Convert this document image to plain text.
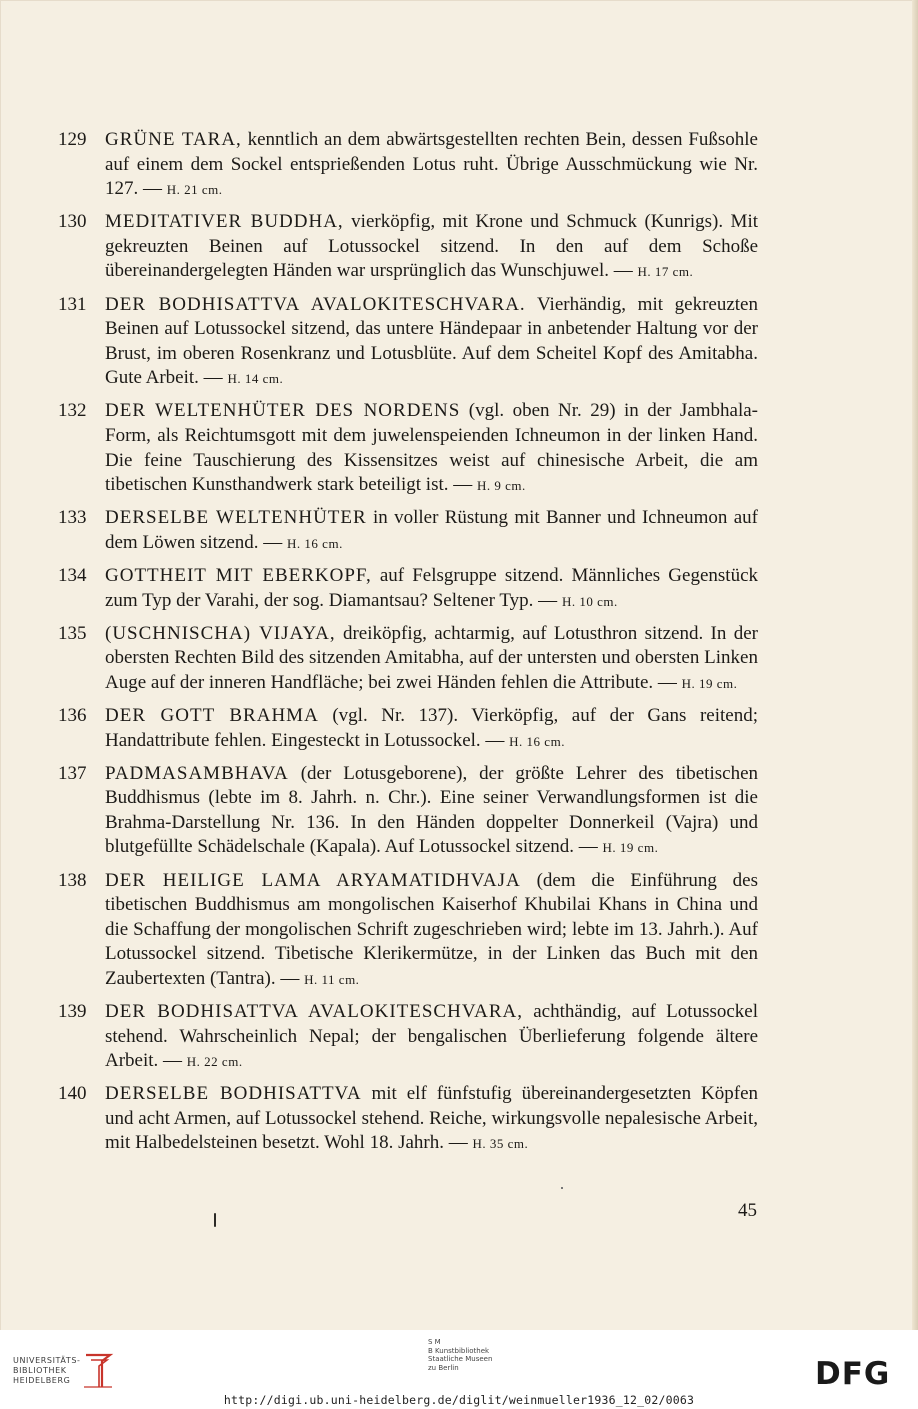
129 GRÜNE TARA, kenntlich an dem abwärtsgestellten rechten Bein, dessen Fußsohle auf einem dem Sockel entsprießenden Lotus ruht. Übrige Ausschmückung wie Nr. 127. — H. 21 cm.
130 MEDITATIVER BUDDHA, vierköpfig, mit Krone und Schmuck (Kunrigs). Mit gekreuzten Beinen auf Lotussockel sitzend. In den auf dem Schoße übereinandergelegten Händen war ursprünglich das Wunschjuwel. — H. 17 cm.
131 DER BODHISATTVA AVALOKITESCHVARA. Vierhändig, mit gekreuzten Beinen auf Lotussockel sitzend, das untere Händepaar in anbetender Haltung vor der Brust, im oberen Rosenkranz und Lotusblüte. Auf dem Scheitel Kopf des Amitabha. Gute Arbeit. — H. 14 cm.
132 DER WELTENHÜTER DES NORDENS (vgl. oben Nr. 29) in der Jambhala-Form, als Reichtumsgott mit dem juwelenspeienden Ichneumon in der linken Hand. Die feine Tauschierung des Kissensitzes weist auf chinesische Arbeit, die am tibetischen Kunsthandwerk stark beteiligt ist. — H. 9 cm.
133 DERSELBE WELTENHÜTER in voller Rüstung mit Banner und Ichneumon auf dem Löwen sitzend. — H. 16 cm.
134 GOTTHEIT MIT EBERKOPF, auf Felsgruppe sitzend. Männliches Gegenstück zum Typ der Varahi, der sog. Diamantsau? Seltener Typ. — H. 10 cm.
135 (USCHNISCHA) VIJAYA, dreiköpfig, achtarmig, auf Lotusthron sitzend. In der obersten Rechten Bild des sitzenden Amitabha, auf der untersten und obersten Linken Auge auf der inneren Handfläche; bei zwei Händen fehlen die Attribute. — H. 19 cm.
136 DER GOTT BRAHMA (vgl. Nr. 137). Vierköpfig, auf der Gans reitend; Handattribute fehlen. Eingesteckt in Lotussockel. — H. 16 cm.
137 PADMASAMBHAVA (der Lotusgeborene), der größte Lehrer des tibetischen Buddhismus (lebte im 8. Jahrh. n. Chr.). Eine seiner Verwandlungsformen ist die Brahma-Darstellung Nr. 136. In den Händen doppelter Donnerkeil (Vajra) und blutgefüllte Schädelschale (Kapala). Auf Lotussockel sitzend. — H. 19 cm.
138 DER HEILIGE LAMA ARYAMATIDHVAJA (dem die Einführung des tibetischen Buddhismus am mongolischen Kaiserhof Khubilai Khans in China und die Schaffung der mongolischen Schrift zugeschrieben wird; lebte im 13. Jahrh.). Auf Lotussockel sitzend. Tibetische Klerikermütze, in der Linken das Buch mit den Zaubertexten (Tantra). — H. 11 cm.
139 DER BODHISATTVA AVALOKITESCHVARA, achthändig, auf Lotussockel stehend. Wahrscheinlich Nepal; der bengalischen Überlieferung folgende ältere Arbeit. — H. 22 cm.
140 DERSELBE BODHISATTVA mit elf fünfstufig übereinandergesetzten Köpfen und acht Armen, auf Lotussockel stehend. Reiche, wirkungsvolle nepalesische Arbeit, mit Halbedelsteinen besetzt. Wohl 18. Jahrh. — H. 35 cm.
45
UNIVERSITÄTS-
BIBLIOTHEK
HEIDELBERG
S M
B Kunstbibliothek
Staatliche Museen
zu Berlin	DFG
http://digi.ub.uni-heidelberg.de/diglit/weinmueller1936_12_02/0063
